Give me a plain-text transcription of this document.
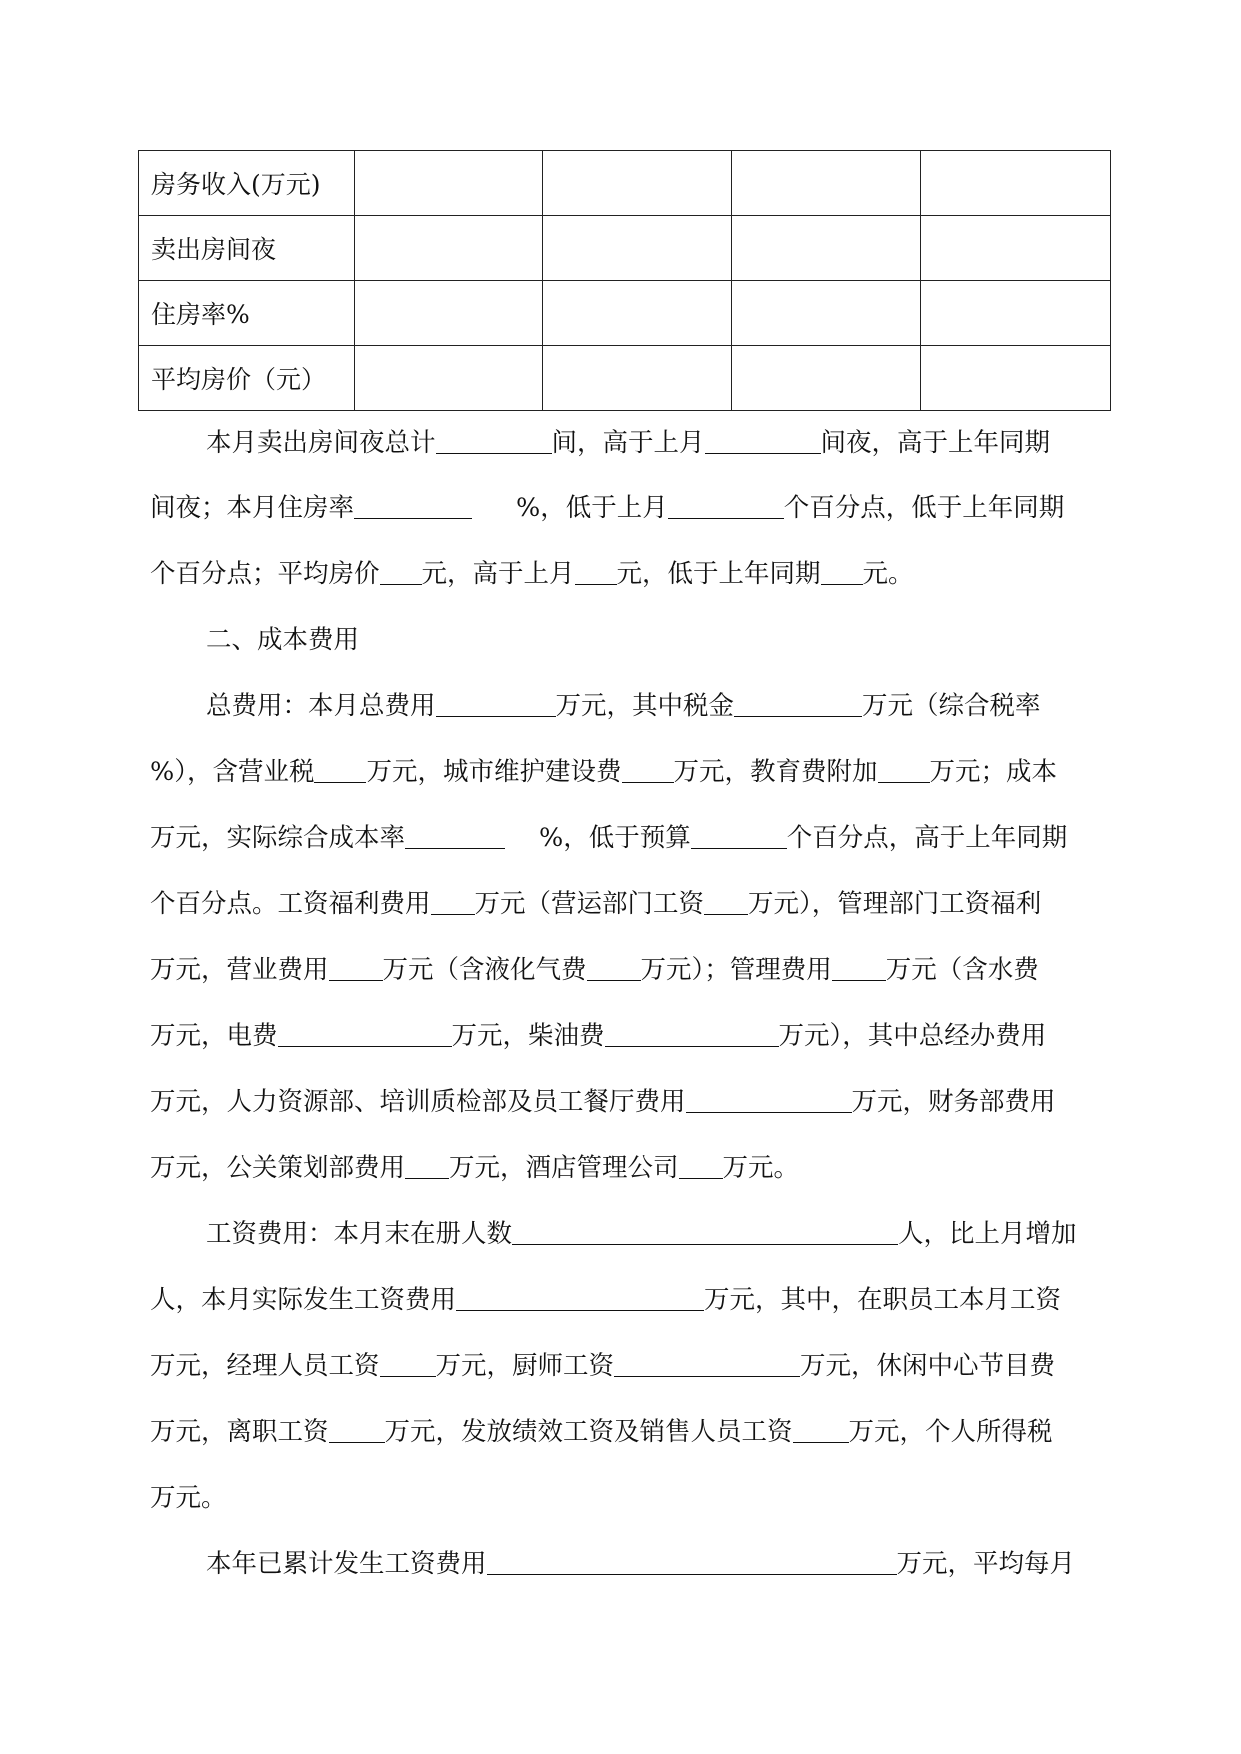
房务收入(万元)				
卖出房间夜				
住房率%				
平均房价（元）				
本月卖出房间夜总计	间，高于上月	间夜，高于上年同期
间夜；本月住房率	%，低于上月	个百分点，低于上年同期
个百分点；平均房价 元，高于上月 元，低于上年同期 元。
二、成本费用
总费用：本月总费用	万元，其中税金	万元（综合税率
%），含营业税 万元，城市维护建设费 万元，教育费附加 万元；成本
万元，实际综合成本率	%，低于预算	个百分点，高于上年同期
个百分点。工资福利费用 万元（营运部门工资 万元），管理部门工资福利
万元，营业费用 万元（含液化气费 万元）；管理费用 万元（含水费
万元，电费	万元，柴油费	万元），其中总经办费用
万元，人力资源部、培训质检部及员工餐厅费用	万元，财务部费用
万元，公关策划部费用 万元，酒店管理公司 万元。
工资费用：本月末在册人数	人，比上月增加
人，本月实际发生工资费用	万元，其中，在职员工本月工资
万元，经理人员工资 万元，厨师工资	万元，休闲中心节目费
万元，离职工资 万元，发放绩效工资及销售人员工资 万元，个人所得税
万元。
本年已累计发生工资费用	万元，平均每月
